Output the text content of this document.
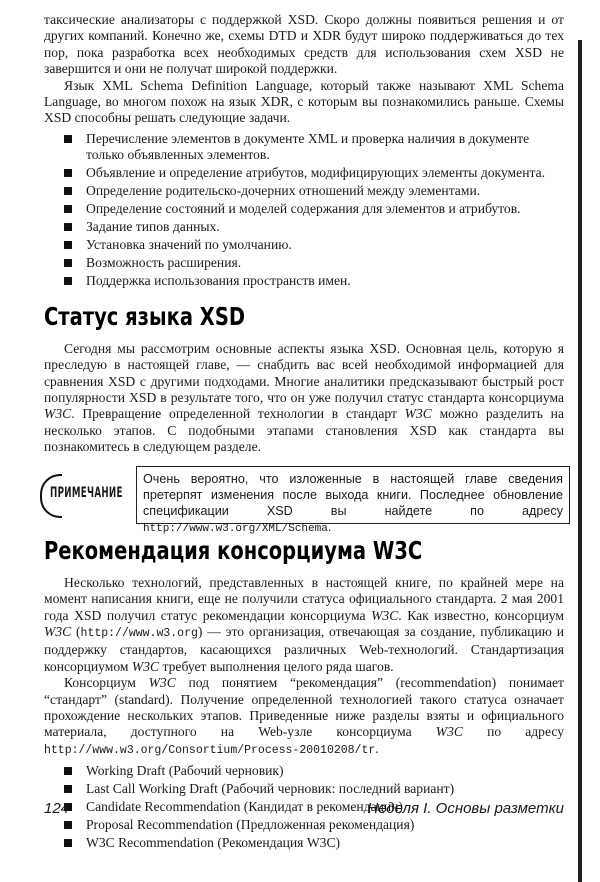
таксические анализаторы с поддержкой XSD. Скоро должны появиться решения и от других компаний. Конечно же, схемы DTD и XDR будут широко поддерживаться до тех пор, пока разработка всех необходимых средств для использования схем XSD не завершится и они не получат широкой поддержки.

Язык XML Schema Definition Language, который также называют XML Schema Language, во многом похож на язык XDR, с которым вы познакомились раньше. Схемы XSD способны решать следующие задачи.

Перечисление элементов в документе XML и проверка наличия в документе только объявленных элементов.
Объявление и определение атрибутов, модифицирующих элементы документа.
Определение родительско-дочерних отношений между элементами.
Определение состояний и моделей содержания для элементов и атрибутов.
Задание типов данных.
Установка значений по умолчанию.
Возможность расширения.
Поддержка использования пространств имен.
Статус языка XSD

Сегодня мы рассмотрим основные аспекты языка XSD. Основная цель, которую я преследую в настоящей главе, — снабдить вас всей необходимой информацией для сравнения XSD с другими подходами. Многие аналитики предсказывают быстрый рост популярности XSD в результате того, что он уже получил статус стандарта консорциума W3C. Превращение определенной технологии в стандарт W3C можно разделить на несколько этапов. С подобными этапами становления XSD как стандарта вы познакомитесь в следующем разделе.

ПРИМЕЧАНИЕ
Очень вероятно, что изложенные в настоящей главе сведения претерпят изменения после выхода книги. Последнее обновление спецификации XSD вы найдете по адресу http://www.w3.org/XML/Schema.
Рекомендация консорциума W3C

Несколько технологий, представленных в настоящей книге, по крайней мере на момент написания книги, еще не получили статуса официального стандарта. 2 мая 2001 года XSD получил статус рекомендации консорциума W3C. Как известно, консорциум W3C (http://www.w3.org) — это организация, отвечающая за создание, публикацию и поддержку стандартов, касающихся различных Web-технологий. Стандартизация консорциумом W3C требует выполнения целого ряда шагов.

Консорциум W3C под понятием “рекомендация” (recommendation) понимает “стандарт” (standard). Получение определенной технологией такого статуса означает прохождение нескольких этапов. Приведенные ниже разделы взяты и официального материала, доступного на Web-узле консорциума W3C по адресу http://www.w3.org/Consortium/Process-20010208/tr.

Working Draft (Рабочий черновик)
Last Call Working Draft (Рабочий черновик: последний вариант)
Candidate Recommendation (Кандидат в рекомендации)
Proposal Recommendation (Предложенная рекомендация)
W3C Recommendation (Рекомендация W3C)
124	Неделя I. Основы разметки
